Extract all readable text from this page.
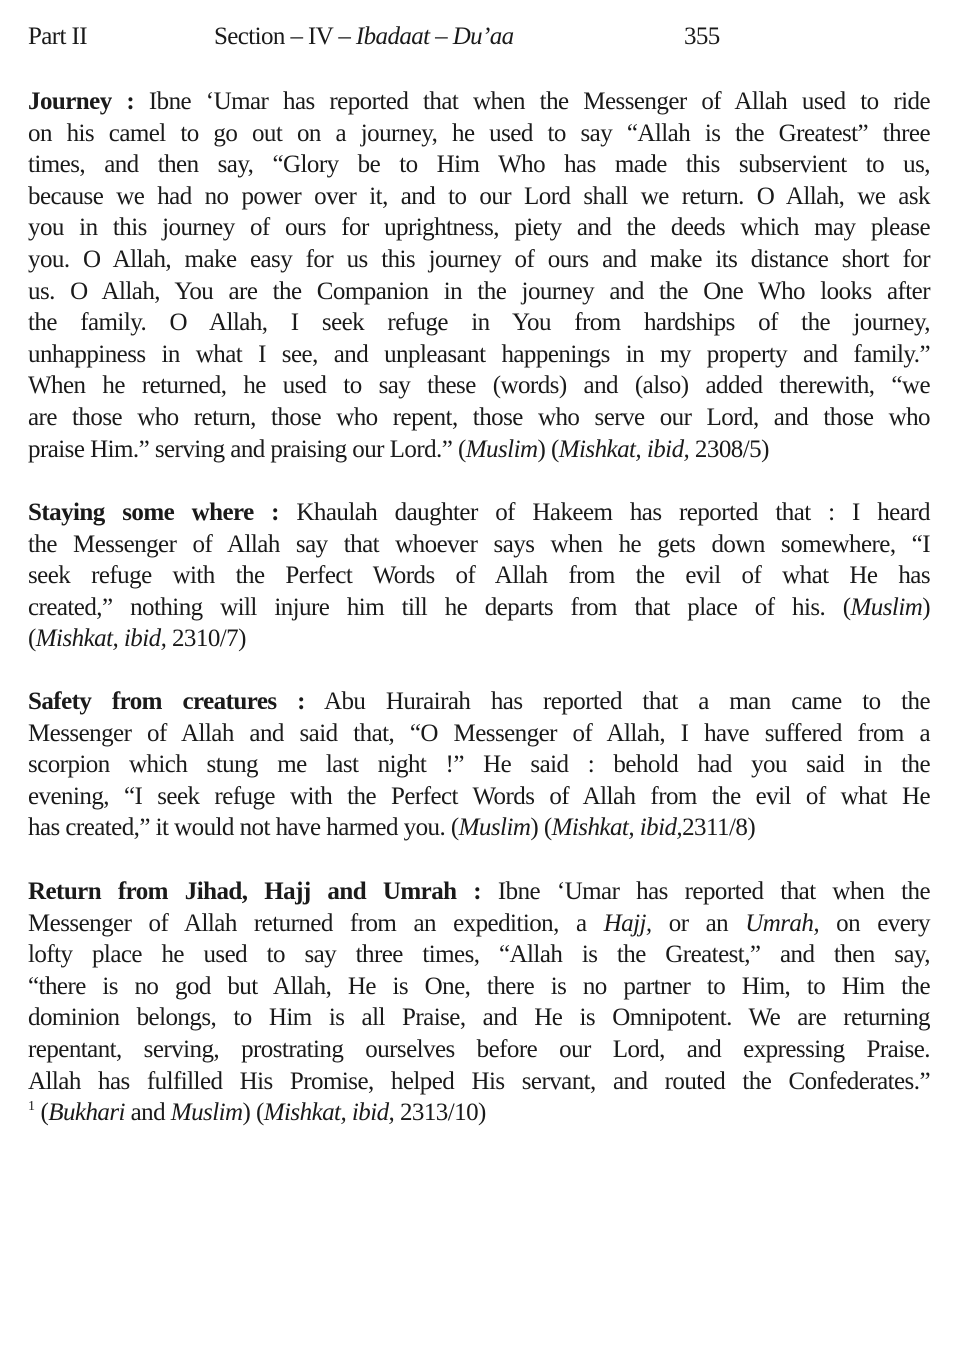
Part II	Section – IV – Ibadaat – Du’aa	355
Journey : Ibne ‘Umar has reported that when the Messenger of Allah used to ride
on his camel to go out on a journey, he used to say “Allah is the Greatest” three
times, and then say, “Glory be to Him Who has made this subservient to us,
because we had no power over it, and to our Lord shall we return. O Allah, we ask
you in this journey of ours for uprightness, piety and the deeds which may please
you. O Allah, make easy for us this journey of ours and make its distance short for
us. O Allah, You are the Companion in the journey and the One Who looks after
the family. O Allah, I seek refuge in You from hardships of the journey,
unhappiness in what I see, and unpleasant happenings in my property and family.”
When he returned, he used to say these (words) and (also) added therewith, “we
are those who return, those who repent, those who serve our Lord, and those who
praise Him.” serving and praising our Lord.” (Muslim) (Mishkat, ibid, 2308/5)
Staying some where : Khaulah daughter of Hakeem has reported that : I heard
the Messenger of Allah say that whoever says when he gets down somewhere, “I
seek refuge with the Perfect Words of Allah from the evil of what He has
created,” nothing will injure him till he departs from that place of his. (Muslim)
(Mishkat, ibid, 2310/7)
Safety from creatures : Abu Hurairah has reported that a man came to the
Messenger of Allah and said that, “O Messenger of Allah, I have suffered from a
scorpion which stung me last night !” He said : behold had you said in the
evening, “I seek refuge with the Perfect Words of Allah from the evil of what He
has created,” it would not have harmed you. (Muslim) (Mishkat, ibid,2311/8)
Return from Jihad, Hajj and Umrah : Ibne ‘Umar has reported that when the
Messenger of Allah returned from an expedition, a Hajj, or an Umrah, on every
lofty place he used to say three times, “Allah is the Greatest,” and then say,
“there is no god but Allah, He is One, there is no partner to Him, to Him the
dominion belongs, to Him is all Praise, and He is Omnipotent. We are returning
repentant, serving, prostrating ourselves before our Lord, and expressing Praise.
Allah has fulfilled His Promise, helped His servant, and routed the Confederates.”
$^1$ (Bukhari and Muslim) (Mishkat, ibid, 2313/10)
